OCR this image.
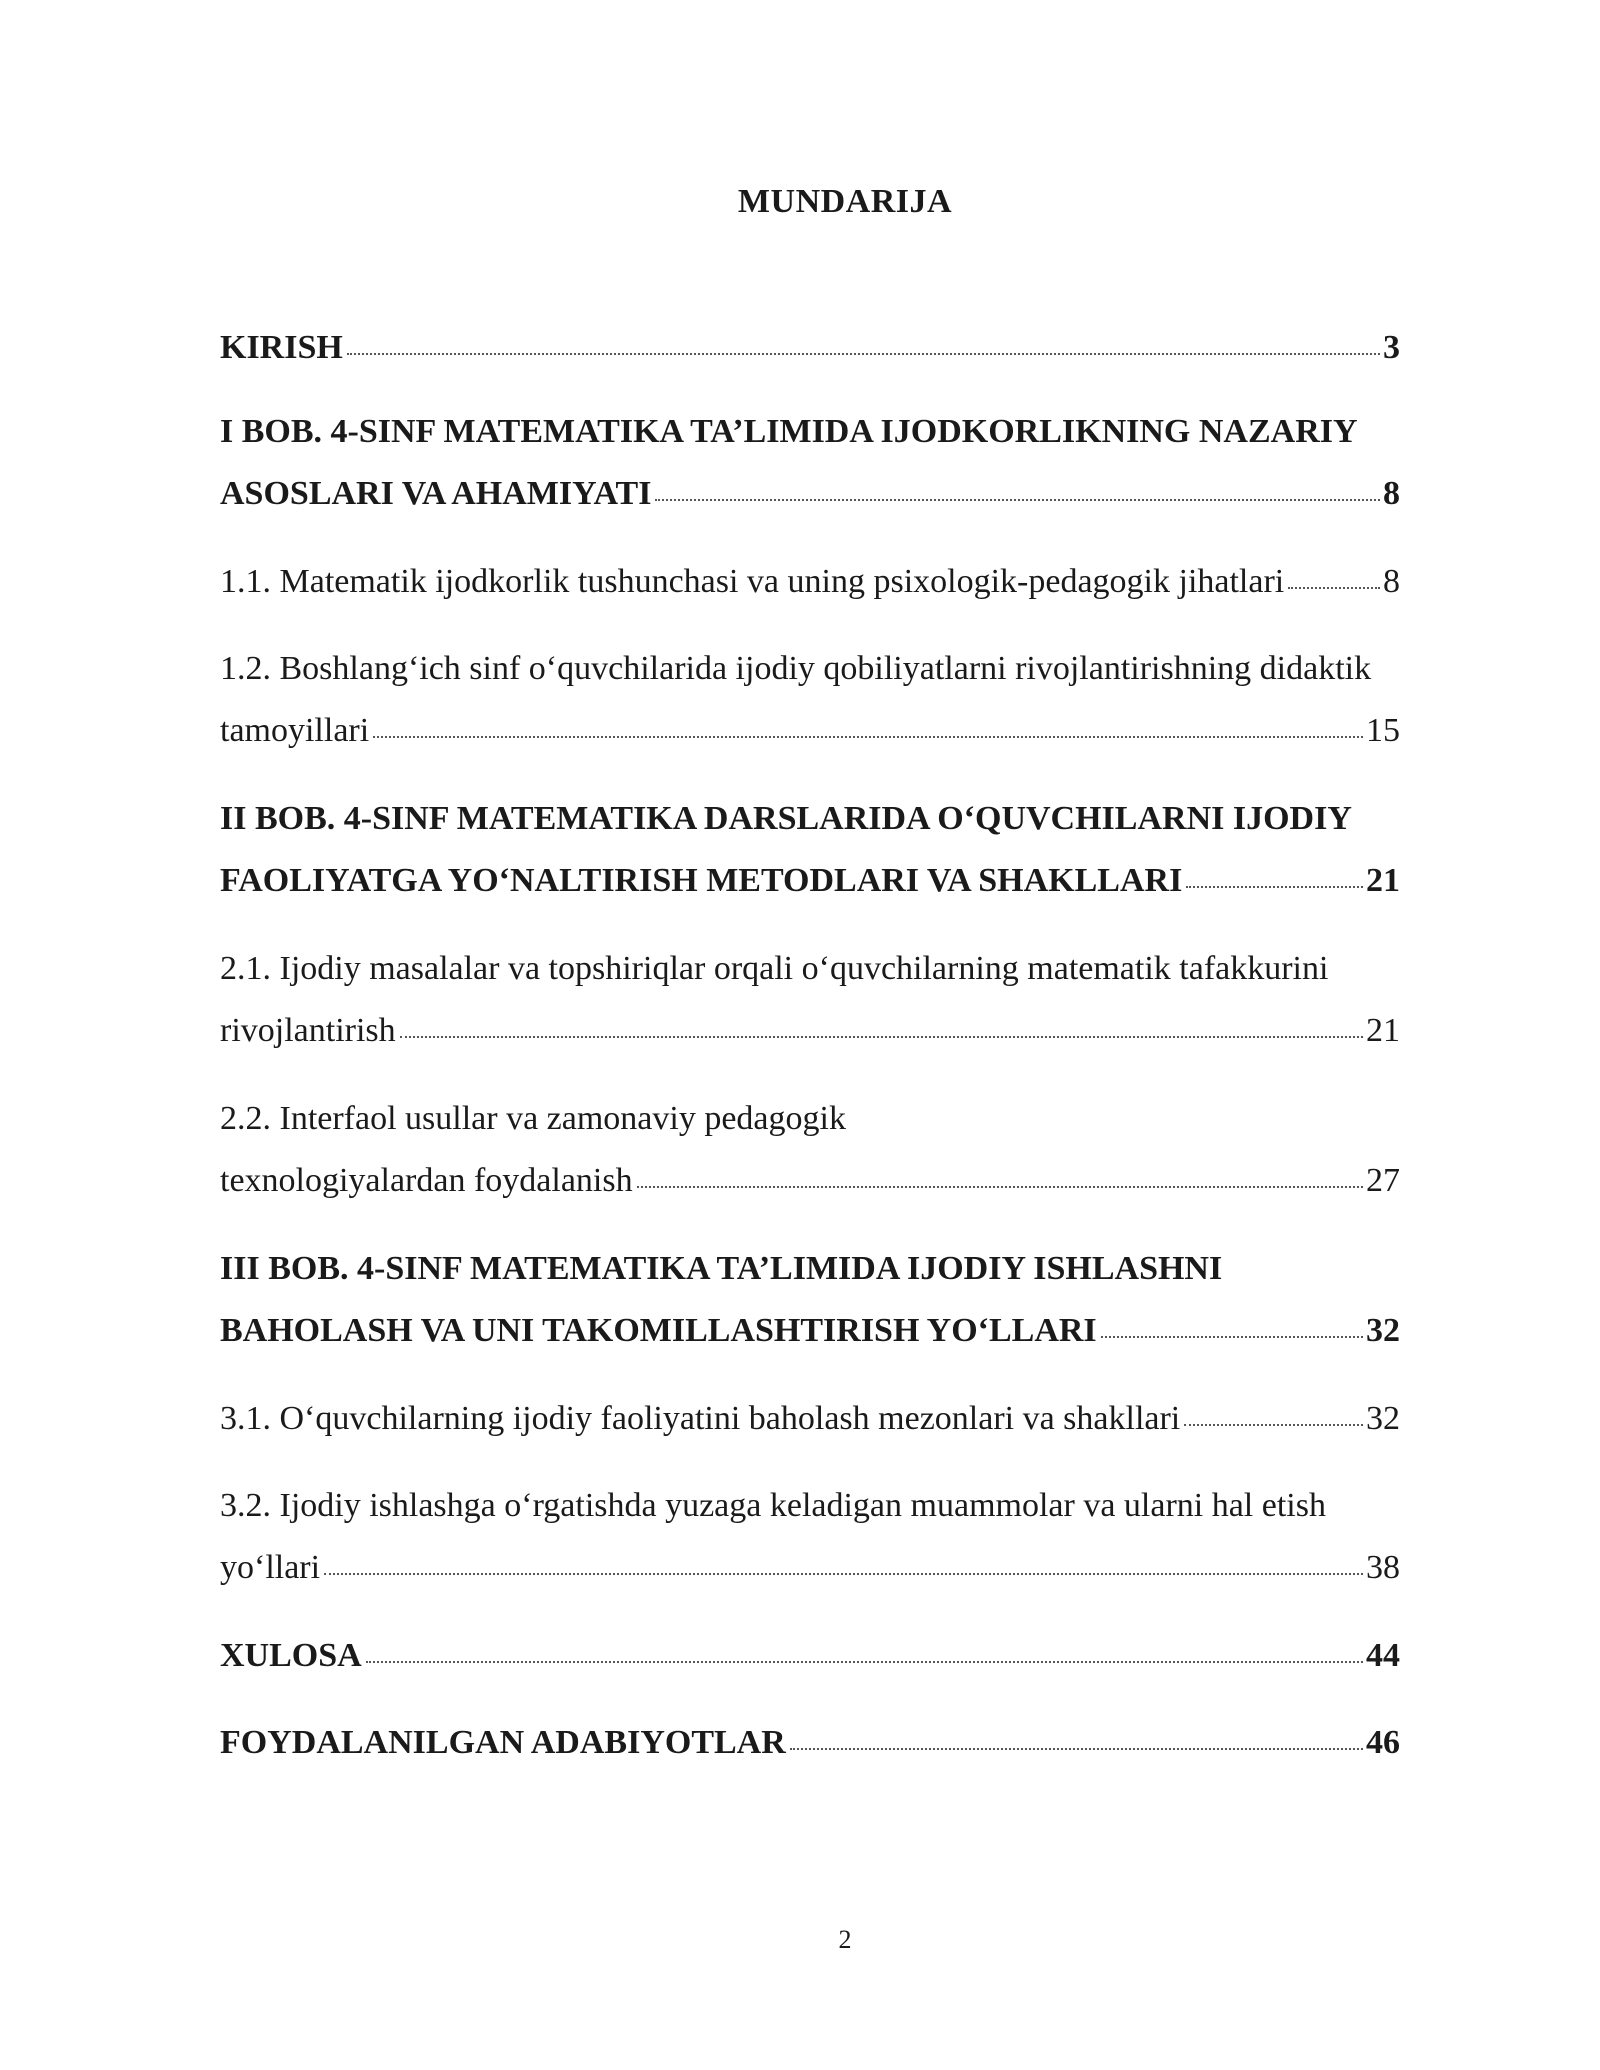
MUNDARIJA
KIRISH	3
I BOB. 4-SINF MATEMATIKA TA’LIMIDA IJODKORLIKNING NAZARIY
ASOSLARI VA AHAMIYATI	8
1.1. Matematik ijodkorlik tushunchasi va uning psixologik-pedagogik jihatlari	8
1.2. Boshlang‘ich sinf o‘quvchilarida ijodiy qobiliyatlarni rivojlantirishning didaktik
tamoyillari	15
II BOB. 4-SINF MATEMATIKA DARSLARIDA O‘QUVCHILARNI IJODIY
FAOLIYATGA YO‘NALTIRISH METODLARI VA SHAKLLARI	21
2.1. Ijodiy masalalar va topshiriqlar orqali o‘quvchilarning matematik tafakkurini
rivojlantirish	21
2.2. Interfaol usullar va zamonaviy pedagogik
texnologiyalardan foydalanish	27
III BOB. 4-SINF MATEMATIKA TA’LIMIDA IJODIY ISHLASHNI
BAHOLASH VA UNI TAKOMILLASHTIRISH YO‘LLARI	32
3.1. O‘quvchilarning ijodiy faoliyatini baholash mezonlari va shakllari	32
3.2. Ijodiy ishlashga o‘rgatishda yuzaga keladigan muammolar va ularni hal etish
yo‘llari	38
XULOSA	44
FOYDALANILGAN ADABIYOTLAR	46
2
